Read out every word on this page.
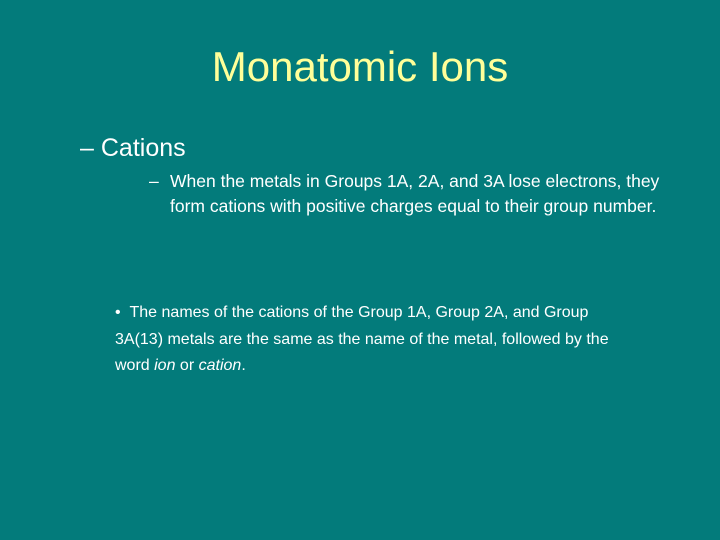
Monatomic Ions
– Cations
– When the metals in Groups 1A, 2A, and 3A lose electrons, they form cations with positive charges equal to their group number.
• The names of the cations of the Group 1A, Group 2A, and Group 3A(13) metals are the same as the name of the metal, followed by the word ion or cation.
